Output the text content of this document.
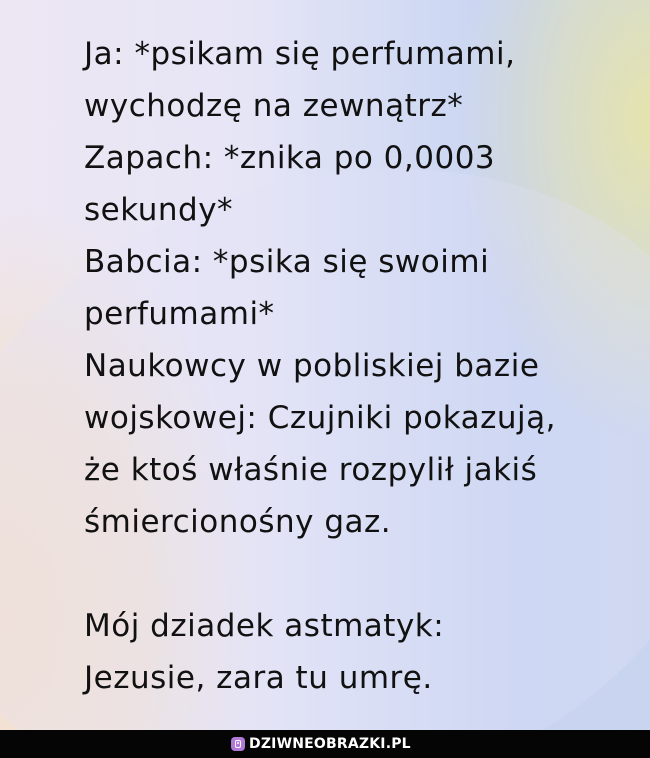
Ja: *psikam się perfumami,
wychodzę na zewnątrz*
Zapach: *znika po 0,0003
sekundy*
Babcia: *psika się swoimi
perfumami*
Naukowcy w pobliskiej bazie
wojskowej: Czujniki pokazują,
że ktoś właśnie rozpylił jakiś
śmiercionośny gaz.
Mój dziadek astmatyk:
Jezusie, zara tu umrę.
DZIWNEOBRAZKI.PL
